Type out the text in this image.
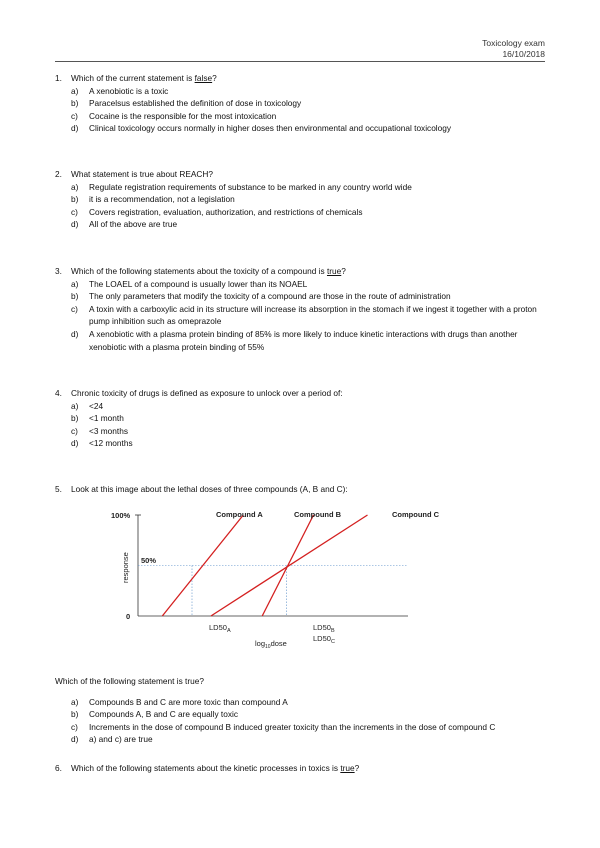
Toxicology exam
16/10/2018
1.	Which of the current statement is false?
a)	A xenobiotic is a toxic
b)	Paracelsus established the definition of dose in toxicology
c)	Cocaine is the responsible for the most intoxication
d)	Clinical toxicology occurs normally in higher doses then environmental and occupational toxicology
2.	What statement is true about REACH?
a)	Regulate registration requirements of substance to be marked in any country world wide
b)	it is a recommendation, not a legislation
c)	Covers registration, evaluation, authorization, and restrictions of chemicals
d)	All of the above are true
3.	Which of the following statements about the toxicity of a compound is true?
a)	The LOAEL of a compound is usually lower than its NOAEL
b)	The only parameters that modify the toxicity of a compound are those in the route of administration
c)	A toxin with a carboxylic acid in its structure will increase its absorption in the stomach if we ingest it together with a proton pump inhibition such as omeprazole
d)	A xenobiotic with a plasma protein binding of 85% is more likely to induce kinetic interactions with drugs than another xenobiotic with a plasma protein binding of 55%
4.	Chronic toxicity of drugs is defined as exposure to unlock over a period of:
a)	<24
b)	<1 month
c)	<3 months
d)	<12 months
5.	Look at this image about the lethal doses of three compounds (A, B and C):
100%
50%
0
response
Compound A	Compound B	Compound C
$LD50_A$	$LD50_B$
$LD50_C$
$\log_{10}dose$
Which of the following statement is true?
a)	Compounds B and C are more toxic than compound A
b)	Compounds A, B and C are equally toxic
c)	Increments in the dose of compound B induced greater toxicity than the increments in the dose of compound C
d)	a) and c) are true
6.	Which of the following statements about the kinetic processes in toxics is true?
